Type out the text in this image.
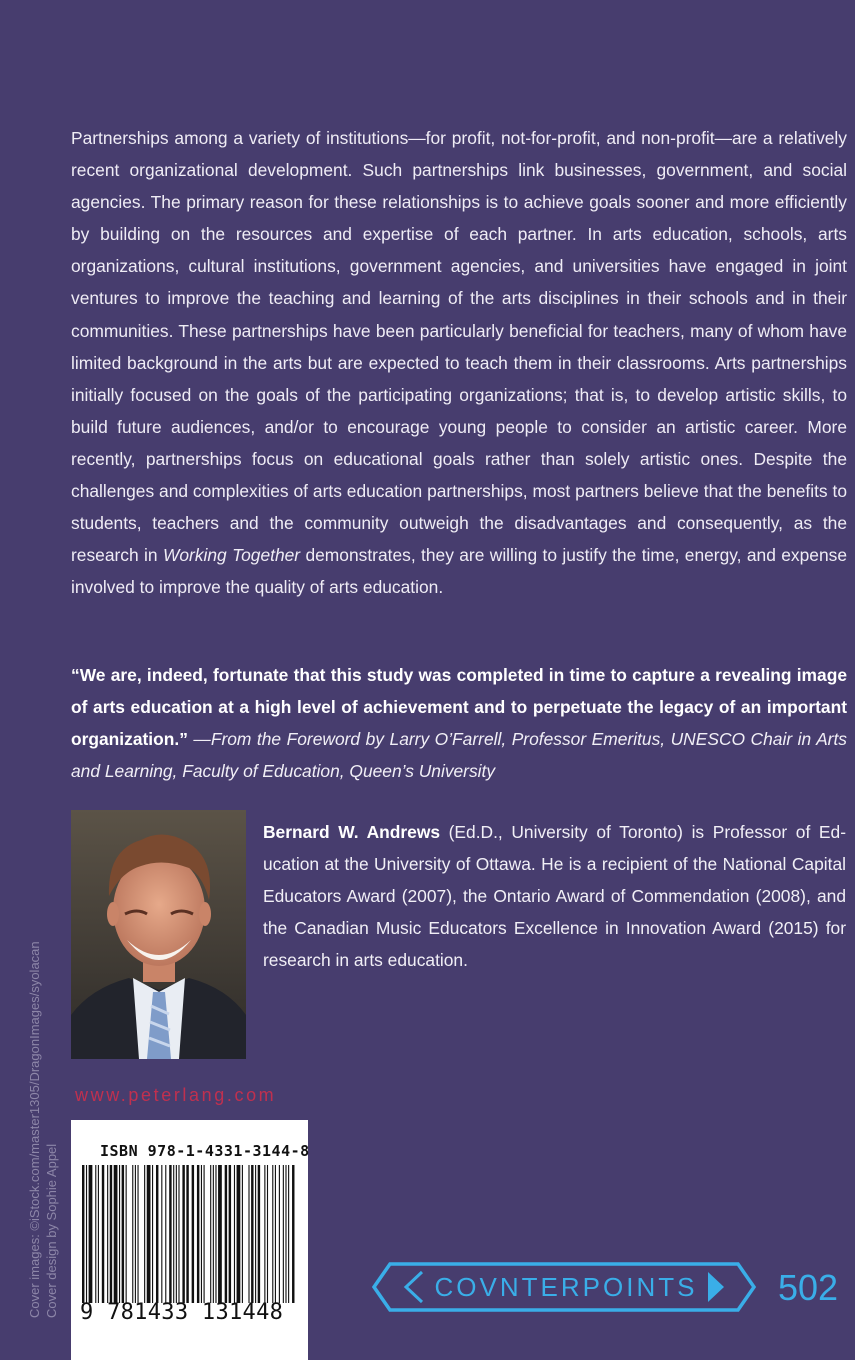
Partnerships among a variety of institutions—for profit, not-for-profit, and non-profit—are a relatively recent organizational development. Such partnerships link businesses, government, and social agencies. The primary reason for these relationships is to achieve goals sooner and more efficiently by building on the resources and expertise of each partner. In arts education, schools, arts organizations, cultural institutions, government agencies, and universities have engaged in joint ventures to improve the teaching and learning of the arts disciplines in their schools and in their communities. These partnerships have been particularly beneficial for teachers, many of whom have limited background in the arts but are expected to teach them in their classrooms. Arts partnerships initially focused on the goals of the participating organizations; that is, to develop artistic skills, to build future audiences, and/or to encourage young people to consider an artistic career. More recently, partnerships focus on educational goals rather than solely artistic ones. Despite the challenges and complexities of arts education partnerships, most partners believe that the benefits to students, teachers and the community outweigh the disadvantages and consequently, as the research in Working Together demonstrates, they are willing to justify the time, energy, and expense involved to improve the quality of arts education.

“We are, indeed, fortunate that this study was completed in time to capture a revealing image of arts education at a high level of achievement and to perpetuate the legacy of an important organization.” —From the Foreword by Larry O’Farrell, Professor Emeritus, UNESCO Chair in Arts and Learning, Faculty of Education, Queen’s University

Bernard W. Andrews (Ed.D., University of Toronto) is Professor of Education at the University of Ottawa. He is a recipient of the National Capital Educators Award (2007), the Ontario Award of Commendation (2008), and the Canadian Music Educators Excellence in Innovation Award (2015) for research in arts education.

Cover images: ©iStock.com/master1305/DragonImages/syolacan Cover design by Sophie Appel
www.peterlang.com
ISBN 978-1-4331-3144-8
9 781433 131448
COVNTERPOINTS 502
